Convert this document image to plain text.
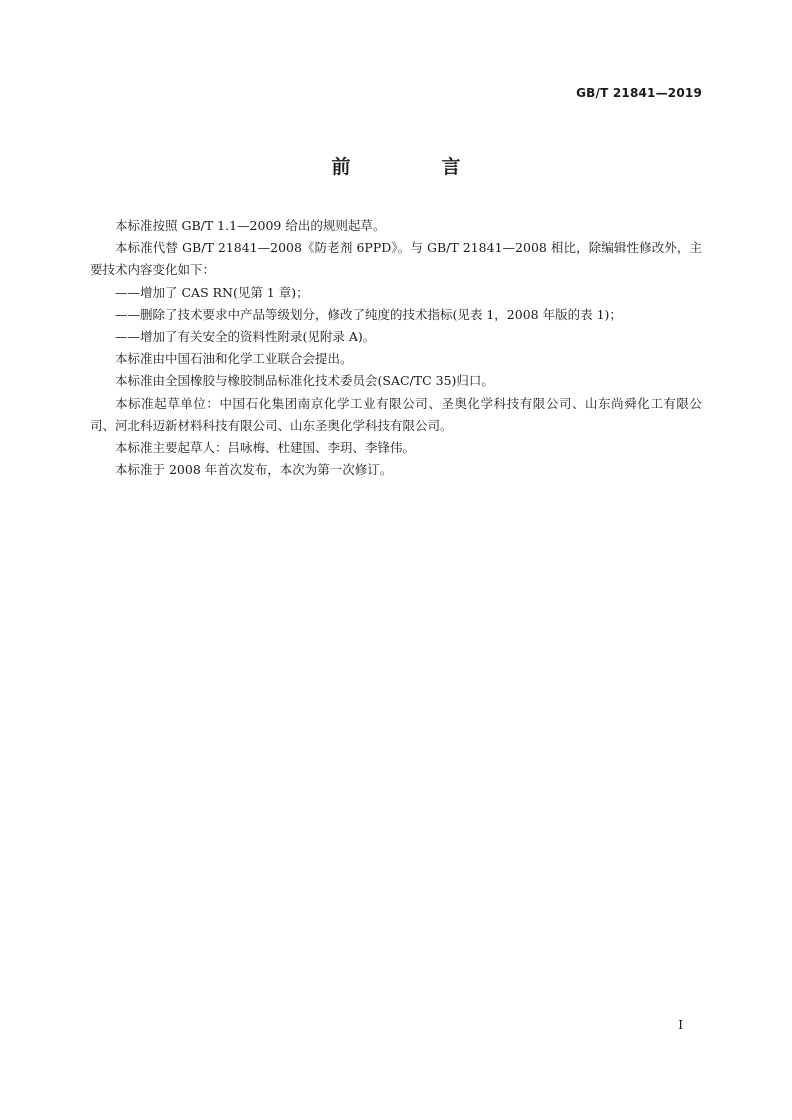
GB/T 21841—2019
前　言

本标准按照 GB/T 1.1—2009 给出的规则起草。

本标准代替 GB/T 21841—2008《防老剂 6PPD》。与 GB/T 21841—2008 相比，除编辑性修改外，主要技术内容变化如下：

——增加了 CAS RN(见第 1 章)；

——删除了技术要求中产品等级划分，修改了纯度的技术指标(见表 1，2008 年版的表 1)；

——增加了有关安全的资料性附录(见附录 A)。

本标准由中国石油和化学工业联合会提出。

本标准由全国橡胶与橡胶制品标准化技术委员会(SAC/TC 35)归口。

本标准起草单位：中国石化集团南京化学工业有限公司、圣奥化学科技有限公司、山东尚舜化工有限公司、河北科迈新材料科技有限公司、山东圣奥化学科技有限公司。

本标准主要起草人：吕咏梅、杜建国、李玥、李锋伟。

本标准于 2008 年首次发布，本次为第一次修订。

I
